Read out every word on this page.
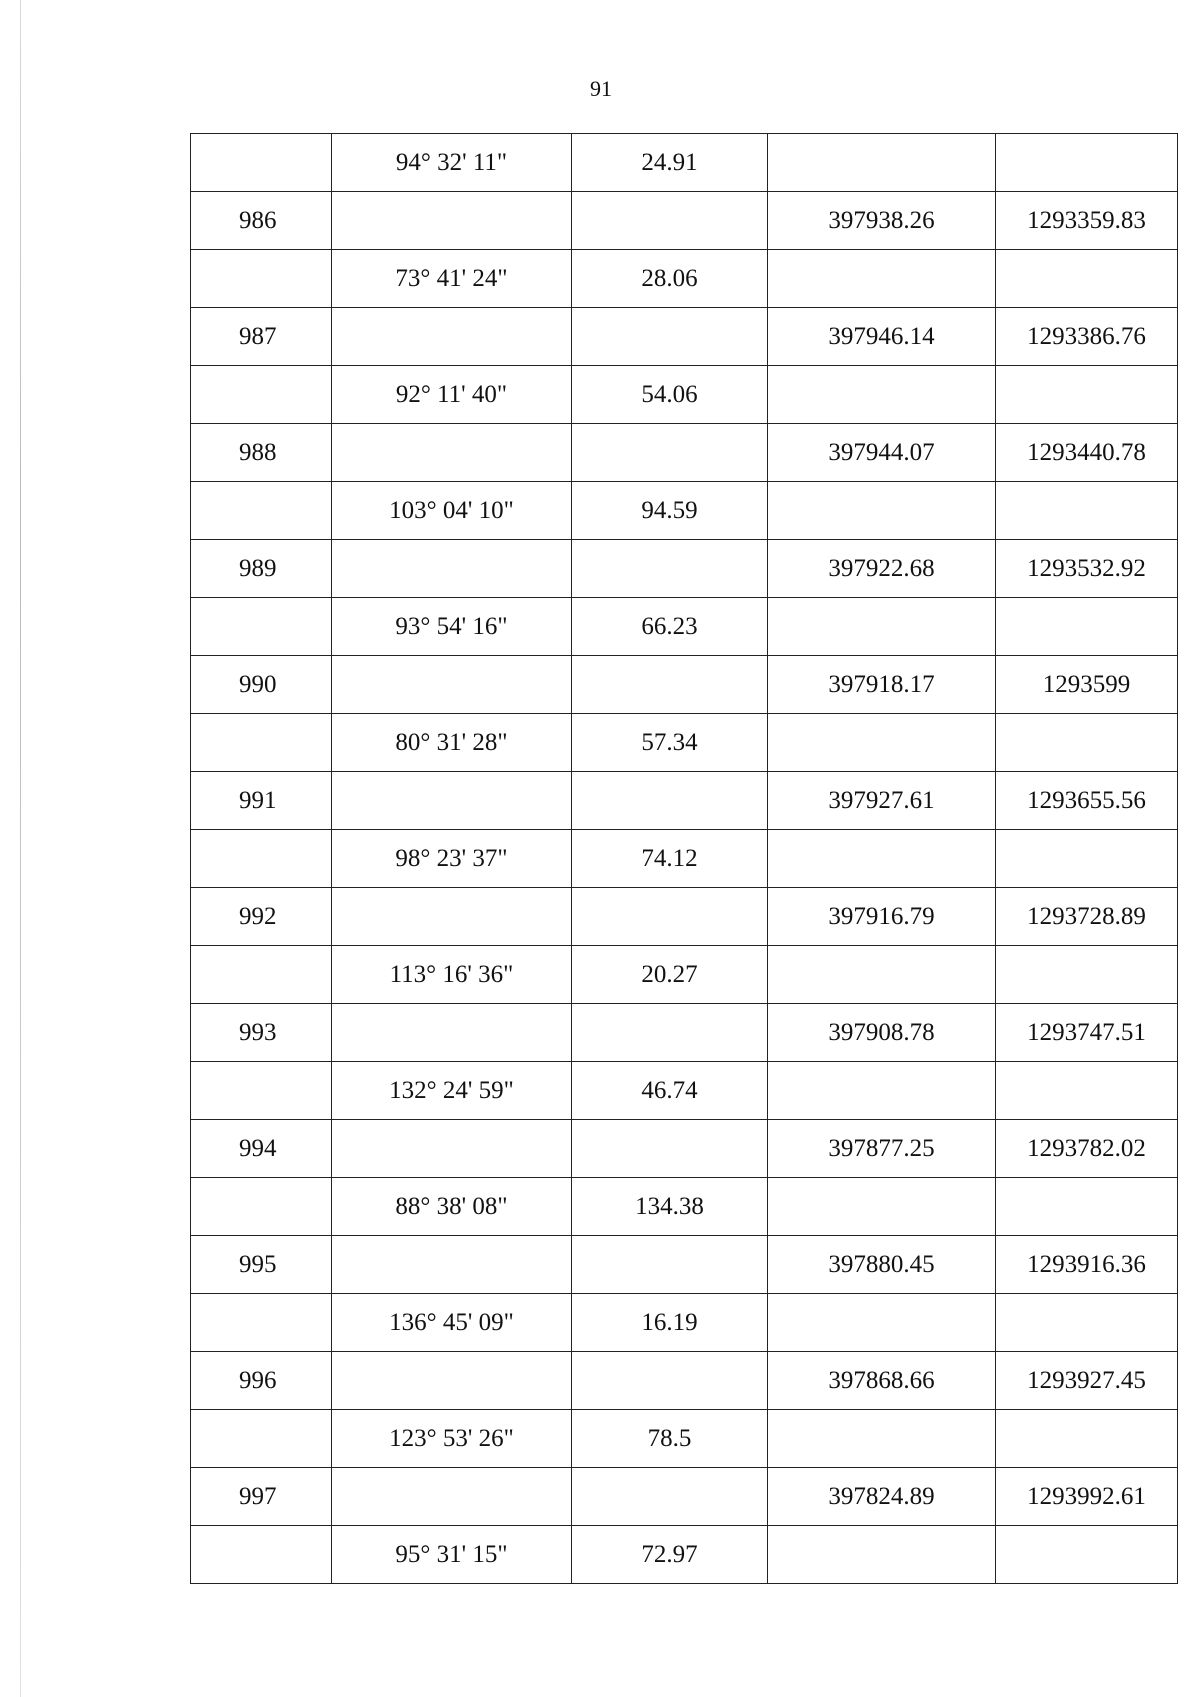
91
	94° 32' 11"	24.91		
986			397938.26	1293359.83
	73° 41' 24"	28.06		
987			397946.14	1293386.76
	92° 11' 40"	54.06		
988			397944.07	1293440.78
	103° 04' 10"	94.59		
989			397922.68	1293532.92
	93° 54' 16"	66.23		
990			397918.17	1293599
	80° 31' 28"	57.34		
991			397927.61	1293655.56
	98° 23' 37"	74.12		
992			397916.79	1293728.89
	113° 16' 36"	20.27		
993			397908.78	1293747.51
	132° 24' 59"	46.74		
994			397877.25	1293782.02
	88° 38' 08"	134.38		
995			397880.45	1293916.36
	136° 45' 09"	16.19		
996			397868.66	1293927.45
	123° 53' 26"	78.5		
997			397824.89	1293992.61
	95° 31' 15"	72.97		
